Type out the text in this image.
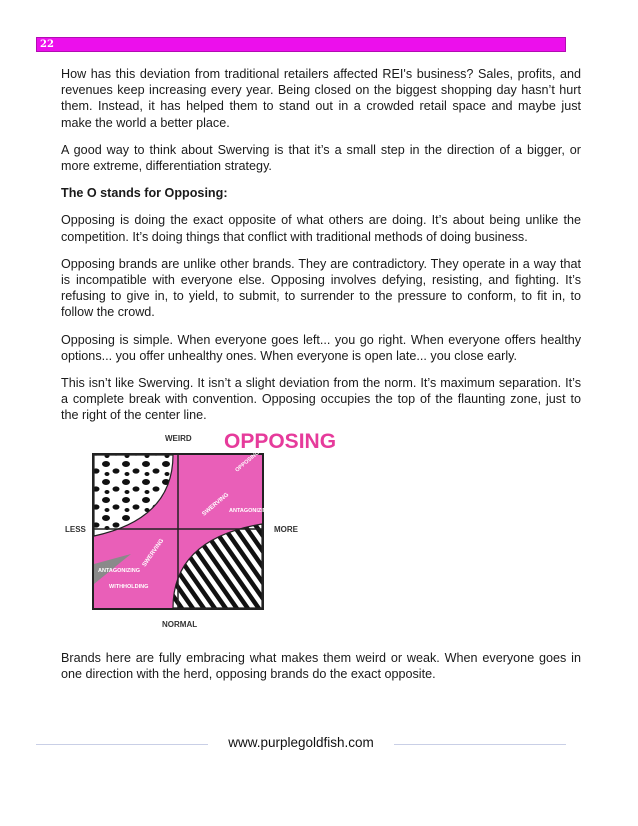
22

How has this deviation from traditional retailers affected REI's business? Sales, profits, and revenues keep increasing every year. Being closed on the biggest shopping day hasn’t hurt them. Instead, it has helped them to stand out in a crowded retail space and maybe just make the world a better place.

A good way to think about Swerving is that it’s a small step in the direction of a bigger, or more extreme, differentiation strategy.

The O stands for Opposing:

Opposing is doing the exact opposite of what others are doing. It’s about being unlike the competition. It’s doing things that conflict with traditional methods of doing business.

Opposing brands are unlike other brands. They are contradictory. They operate in a way that is incompatible with everyone else. Opposing involves defying, resisting, and fighting. It’s refusing to give in, to yield, to submit, to surrender to the pressure to conform, to fit in, to follow the crowd.

Opposing is simple. When everyone goes left... you go right. When everyone offers healthy options... you offer unhealthy ones. When everyone is open late... you close early.

This isn’t like Swerving. It isn’t a slight deviation from the norm. It’s maximum separation. It’s a complete break with convention. Opposing occupies the top of the flaunting zone, just to the right of the center line.

WEIRD
NORMAL
LESS	MORE
OPPOSING
OPPOSING
SWERVING
ANTAGONIZING
SWERVING
ANTAGONIZING
WITHHOLDING

Brands here are fully embracing what makes them weird or weak. When everyone goes in one direction with the herd, opposing brands do the exact opposite.

www.purplegoldfish.com
